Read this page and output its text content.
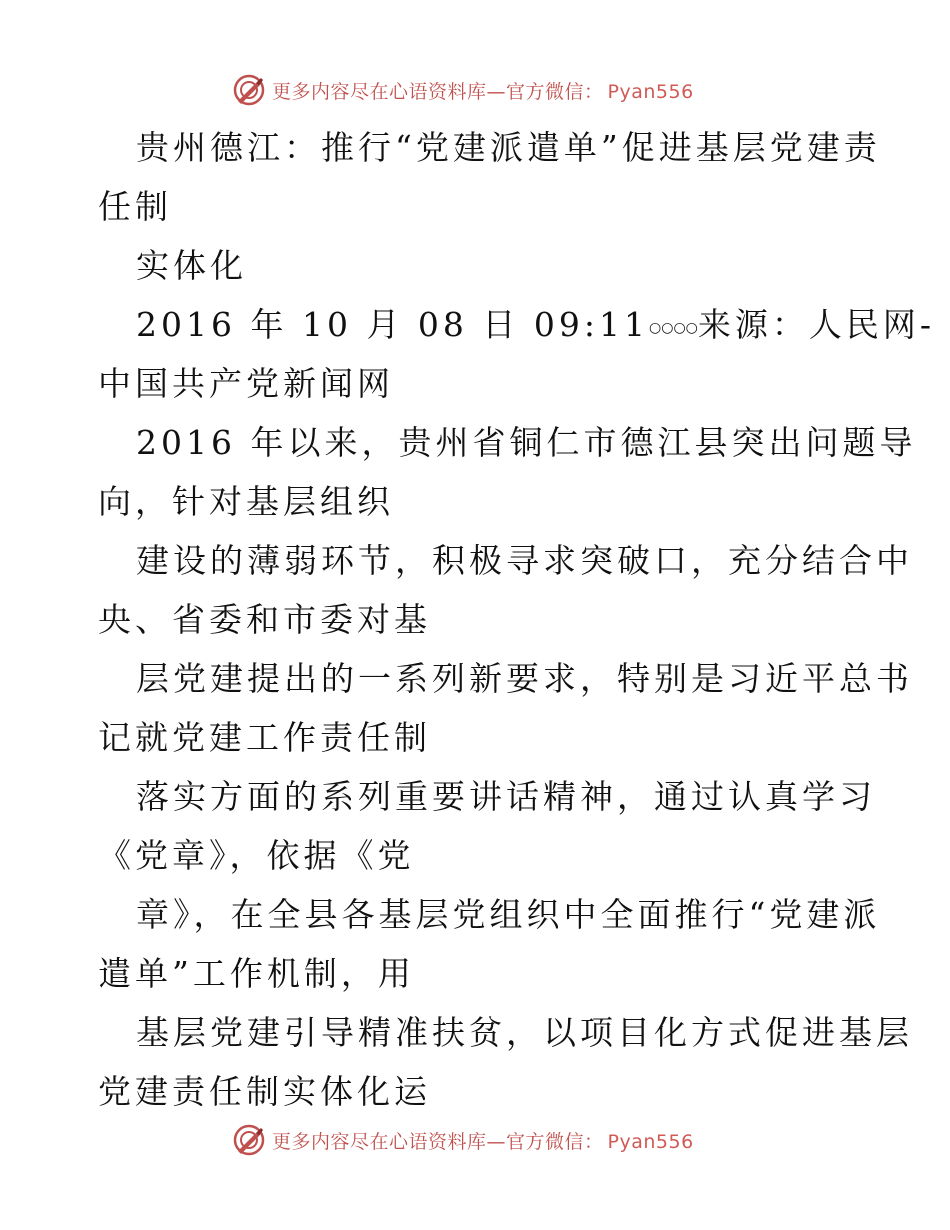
更多内容尽在心语资料库—官方微信： Pyan556
贵州德江：推行“党建派遣单”促进基层党建责
任制
实体化
2016 年 10 月 08 日 09:11○○○○来源：人民网-
中国共产党新闻网
2016 年以来，贵州省铜仁市德江县突出问题导
向，针对基层组织
建设的薄弱环节，积极寻求突破口，充分结合中
央、省委和市委对基
层党建提出的一系列新要求，特别是习近平总书
记就党建工作责任制
落实方面的系列重要讲话精神，通过认真学习
《党章》，依据《党
章》，在全县各基层党组织中全面推行“党建派
遣单”工作机制，用
基层党建引导精准扶贫，以项目化方式促进基层
党建责任制实体化运
更多内容尽在心语资料库—官方微信： Pyan556
